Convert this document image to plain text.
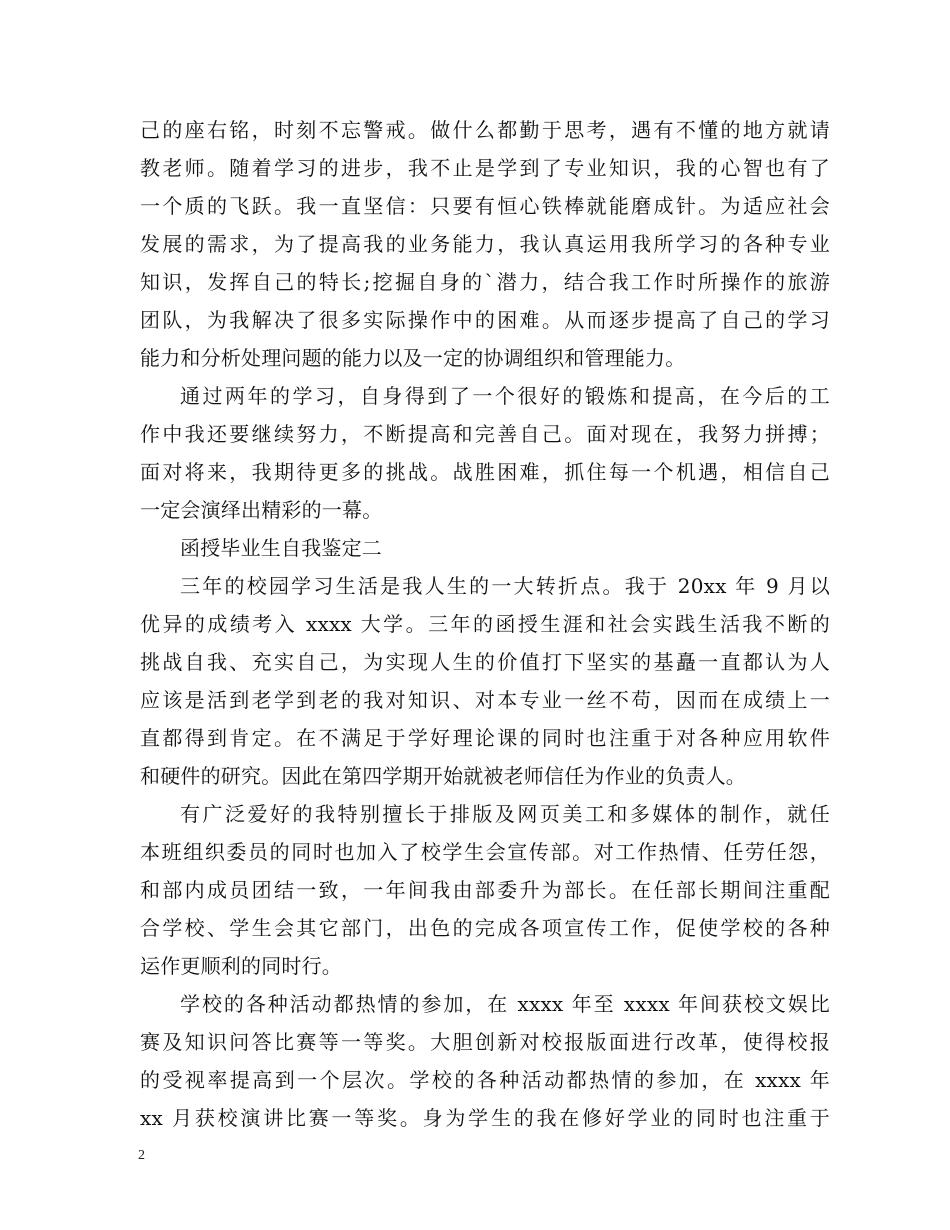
己的座右铭，时刻不忘警戒。做什么都勤于思考，遇有不懂的地方就请
教老师。随着学习的进步，我不止是学到了专业知识，我的心智也有了
一个质的飞跃。我一直坚信：只要有恒心铁棒就能磨成针。为适应社会
发展的需求，为了提高我的业务能力，我认真运用我所学习的各种专业
知识，发挥自己的特长;挖掘自身的`潜力，结合我工作时所操作的旅游
团队，为我解决了很多实际操作中的困难。从而逐步提高了自己的学习
能力和分析处理问题的能力以及一定的协调组织和管理能力。
通过两年的学习，自身得到了一个很好的锻炼和提高，在今后的工
作中我还要继续努力，不断提高和完善自己。面对现在，我努力拼搏；
面对将来，我期待更多的挑战。战胜困难，抓住每一个机遇，相信自己
一定会演绎出精彩的一幕。
函授毕业生自我鉴定二
三年的校园学习生活是我人生的一大转折点。我于 20xx 年 9 月以
优异的成绩考入 xxxx 大学。三年的函授生涯和社会实践生活我不断的
挑战自我、充实自己，为实现人生的价值打下坚实的基矗一直都认为人
应该是活到老学到老的我对知识、对本专业一丝不苟，因而在成绩上一
直都得到肯定。在不满足于学好理论课的同时也注重于对各种应用软件
和硬件的研究。因此在第四学期开始就被老师信任为作业的负责人。
有广泛爱好的我特别擅长于排版及网页美工和多媒体的制作，就任
本班组织委员的同时也加入了校学生会宣传部。对工作热情、任劳任怨，
和部内成员团结一致，一年间我由部委升为部长。在任部长期间注重配
合学校、学生会其它部门，出色的完成各项宣传工作，促使学校的各种
运作更顺利的同时行。
学校的各种活动都热情的参加，在 xxxx 年至 xxxx 年间获校文娱比
赛及知识问答比赛等一等奖。大胆创新对校报版面进行改革，使得校报
的受视率提高到一个层次。学校的各种活动都热情的参加，在 xxxx 年
xx 月获校演讲比赛一等奖。身为学生的我在修好学业的同时也注重于
2
